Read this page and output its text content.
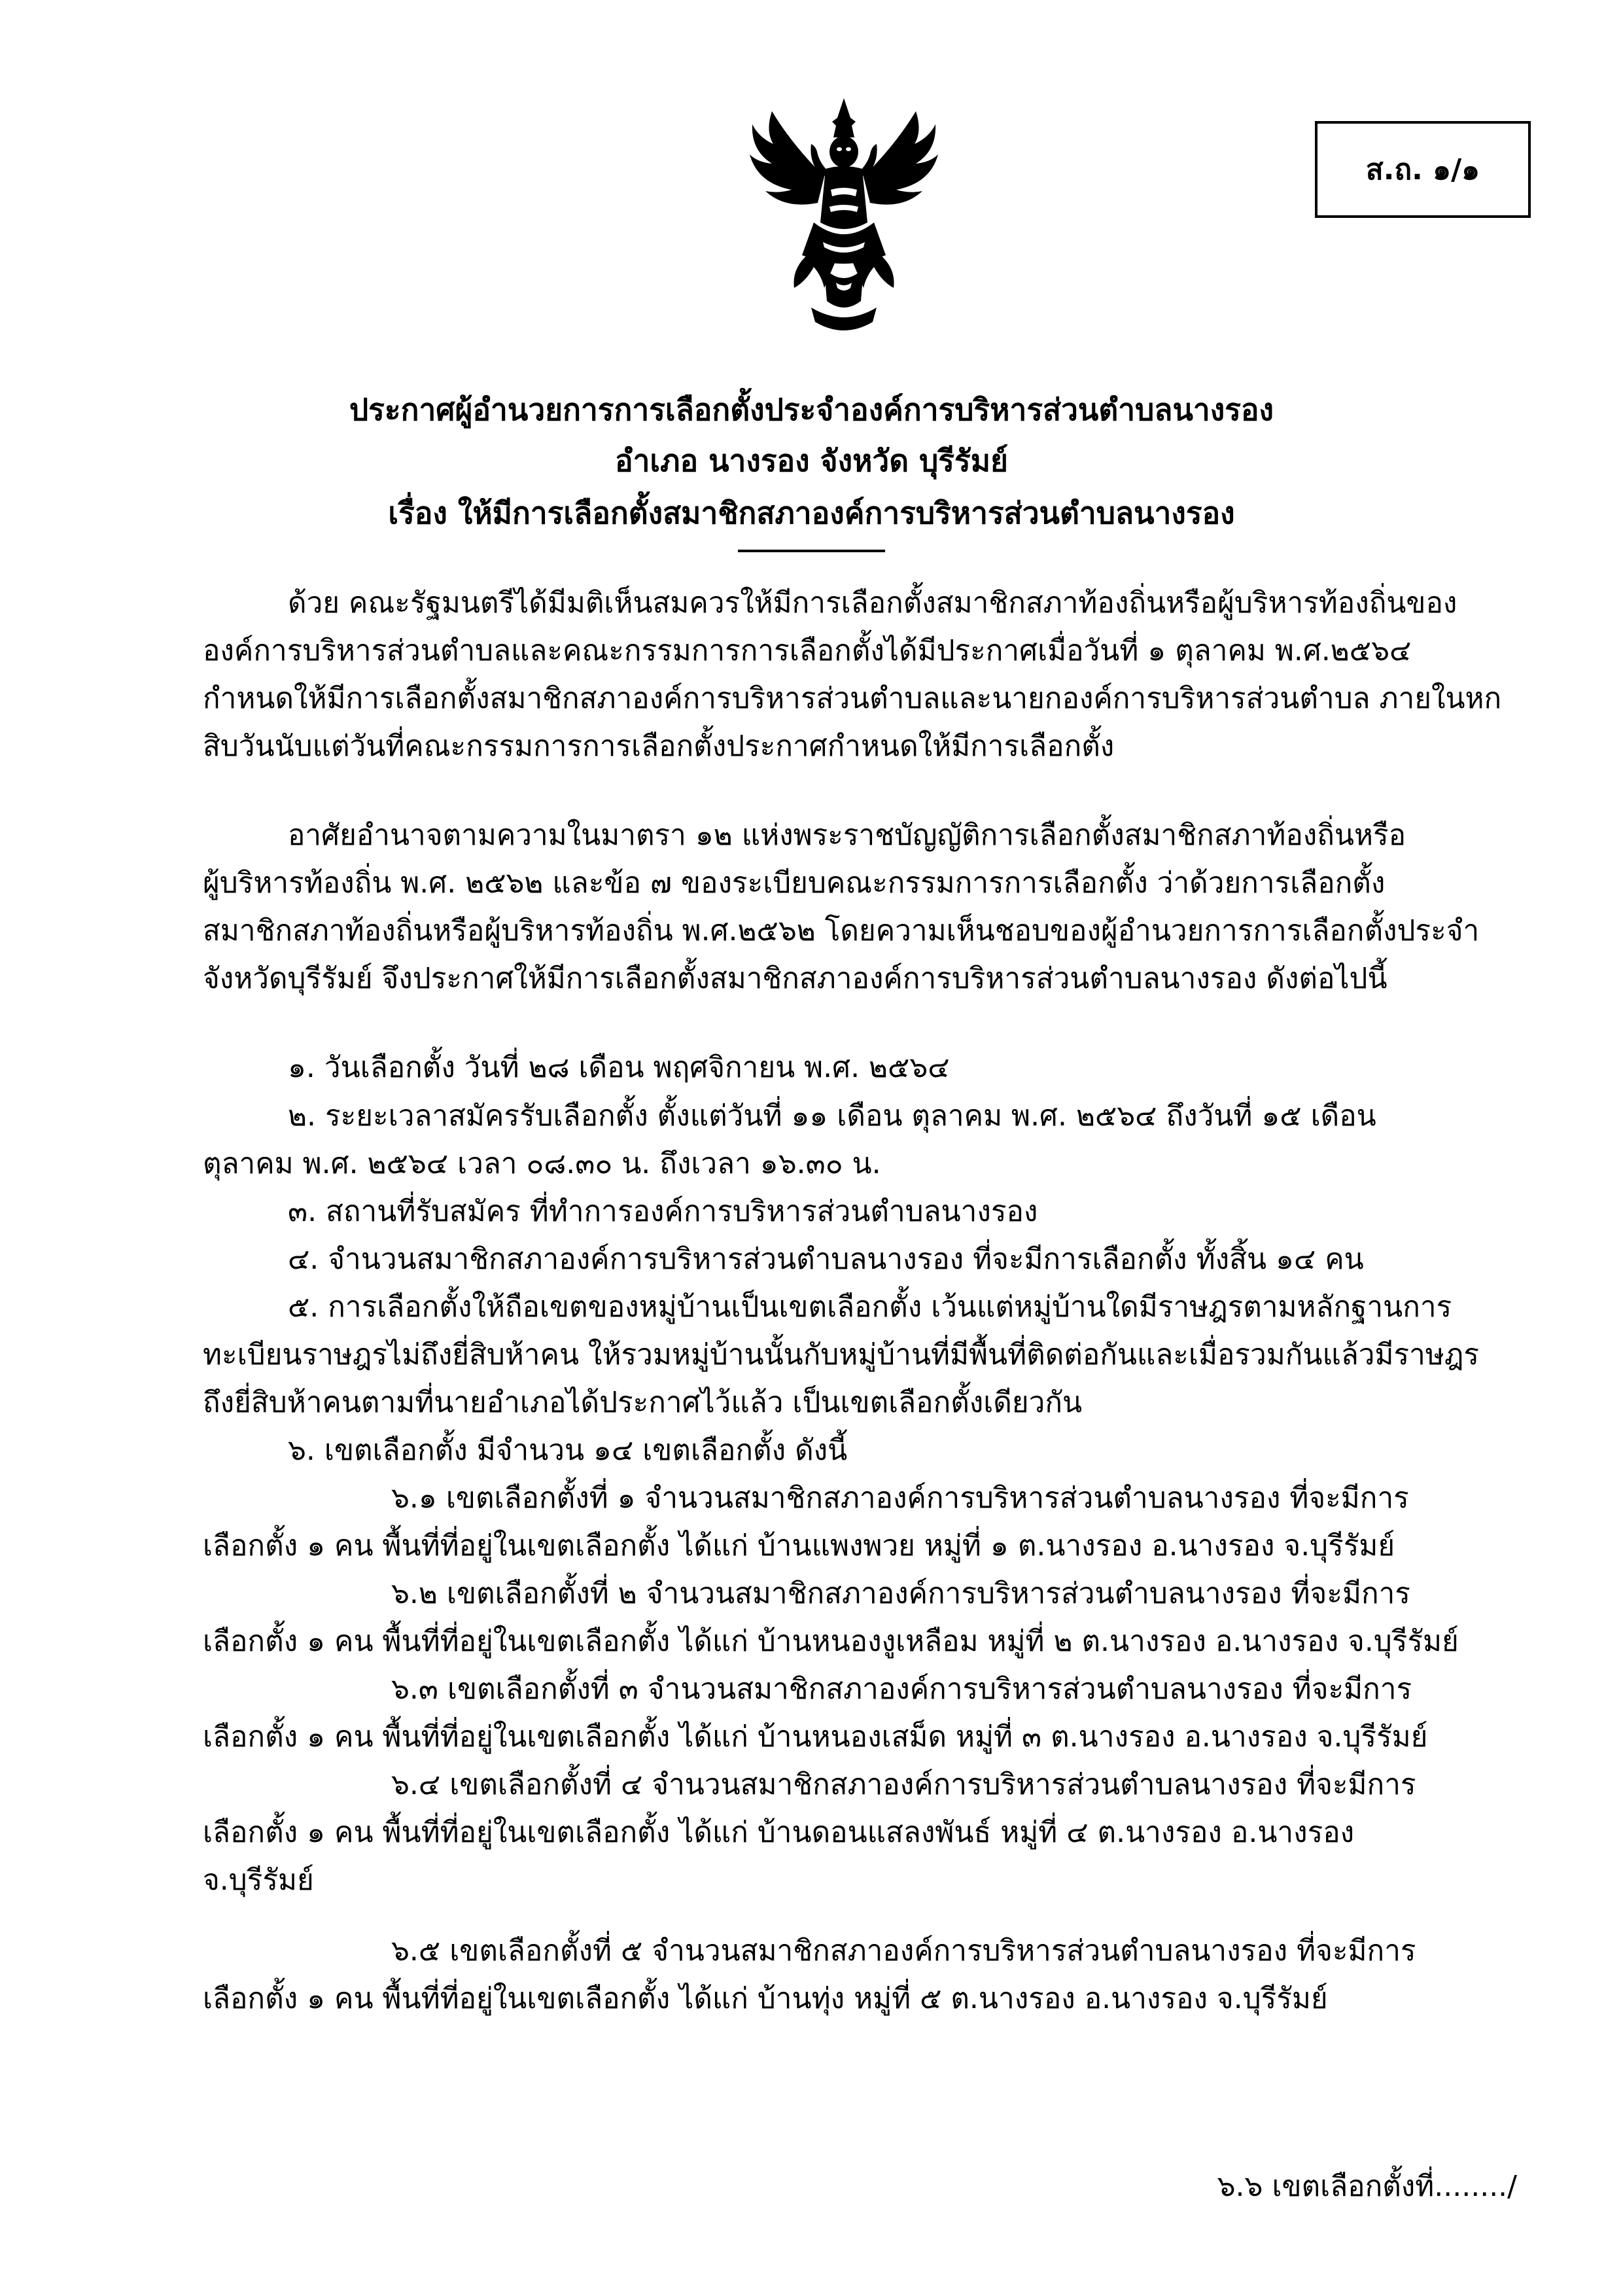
ส.ถ. ๑/๑
ประกาศผู้อำนวยการการเลือกตั้งประจำองค์การบริหารส่วนตำบลนางรอง
อำเภอ นางรอง จังหวัด บุรีรัมย์
เรื่อง ให้มีการเลือกตั้งสมาชิกสภาองค์การบริหารส่วนตำบลนางรอง
ด้วย คณะรัฐมนตรีได้มีมติเห็นสมควรให้มีการเลือกตั้งสมาชิกสภาท้องถิ่นหรือผู้บริหารท้องถิ่นของ
องค์การบริหารส่วนตำบลและคณะกรรมการการเลือกตั้งได้มีประกาศเมื่อวันที่ ๑ ตุลาคม พ.ศ.๒๕๖๔
กำหนดให้มีการเลือกตั้งสมาชิกสภาองค์การบริหารส่วนตำบลและนายกองค์การบริหารส่วนตำบล ภายในหก
สิบวันนับแต่วันที่คณะกรรมการการเลือกตั้งประกาศกำหนดให้มีการเลือกตั้ง
อาศัยอำนาจตามความในมาตรา ๑๒ แห่งพระราชบัญญัติการเลือกตั้งสมาชิกสภาท้องถิ่นหรือ
ผู้บริหารท้องถิ่น พ.ศ. ๒๕๖๒ และข้อ ๗ ของระเบียบคณะกรรมการการเลือกตั้ง ว่าด้วยการเลือกตั้ง
สมาชิกสภาท้องถิ่นหรือผู้บริหารท้องถิ่น พ.ศ.๒๕๖๒ โดยความเห็นชอบของผู้อำนวยการการเลือกตั้งประจำ
จังหวัดบุรีรัมย์ จึงประกาศให้มีการเลือกตั้งสมาชิกสภาองค์การบริหารส่วนตำบลนางรอง ดังต่อไปนี้
๑. วันเลือกตั้ง วันที่ ๒๘ เดือน พฤศจิกายน พ.ศ. ๒๕๖๔
๒. ระยะเวลาสมัครรับเลือกตั้ง ตั้งแต่วันที่ ๑๑ เดือน ตุลาคม พ.ศ. ๒๕๖๔ ถึงวันที่ ๑๕ เดือน
ตุลาคม พ.ศ. ๒๕๖๔ เวลา ๐๘.๓๐ น. ถึงเวลา ๑๖.๓๐ น.
๓. สถานที่รับสมัคร ที่ทำการองค์การบริหารส่วนตำบลนางรอง
๔. จำนวนสมาชิกสภาองค์การบริหารส่วนตำบลนางรอง ที่จะมีการเลือกตั้ง ทั้งสิ้น ๑๔ คน
๕. การเลือกตั้งให้ถือเขตของหมู่บ้านเป็นเขตเลือกตั้ง เว้นแต่หมู่บ้านใดมีราษฎรตามหลักฐานการ
ทะเบียนราษฎรไม่ถึงยี่สิบห้าคน ให้รวมหมู่บ้านนั้นกับหมู่บ้านที่มีพื้นที่ติดต่อกันและเมื่อรวมกันแล้วมีราษฎร
ถึงยี่สิบห้าคนตามที่นายอำเภอได้ประกาศไว้แล้ว เป็นเขตเลือกตั้งเดียวกัน
๖. เขตเลือกตั้ง มีจำนวน ๑๔ เขตเลือกตั้ง ดังนี้
๖.๑ เขตเลือกตั้งที่ ๑ จำนวนสมาชิกสภาองค์การบริหารส่วนตำบลนางรอง ที่จะมีการ
เลือกตั้ง ๑ คน พื้นที่ที่อยู่ในเขตเลือกตั้ง ได้แก่ บ้านแพงพวย หมู่ที่ ๑ ต.นางรอง อ.นางรอง จ.บุรีรัมย์
๖.๒ เขตเลือกตั้งที่ ๒ จำนวนสมาชิกสภาองค์การบริหารส่วนตำบลนางรอง ที่จะมีการ
เลือกตั้ง ๑ คน พื้นที่ที่อยู่ในเขตเลือกตั้ง ได้แก่ บ้านหนองงูเหลือม หมู่ที่ ๒ ต.นางรอง อ.นางรอง จ.บุรีรัมย์
๖.๓ เขตเลือกตั้งที่ ๓ จำนวนสมาชิกสภาองค์การบริหารส่วนตำบลนางรอง ที่จะมีการ
เลือกตั้ง ๑ คน พื้นที่ที่อยู่ในเขตเลือกตั้ง ได้แก่ บ้านหนองเสม็ด หมู่ที่ ๓ ต.นางรอง อ.นางรอง จ.บุรีรัมย์
๖.๔ เขตเลือกตั้งที่ ๔ จำนวนสมาชิกสภาองค์การบริหารส่วนตำบลนางรอง ที่จะมีการ
เลือกตั้ง ๑ คน พื้นที่ที่อยู่ในเขตเลือกตั้ง ได้แก่ บ้านดอนแสลงพันธ์ หมู่ที่ ๔ ต.นางรอง อ.นางรอง
จ.บุรีรัมย์
๖.๕ เขตเลือกตั้งที่ ๕ จำนวนสมาชิกสภาองค์การบริหารส่วนตำบลนางรอง ที่จะมีการ
เลือกตั้ง ๑ คน พื้นที่ที่อยู่ในเขตเลือกตั้ง ได้แก่ บ้านทุ่ง หมู่ที่ ๕ ต.นางรอง อ.นางรอง จ.บุรีรัมย์
๖.๖ เขตเลือกตั้งที่......../
